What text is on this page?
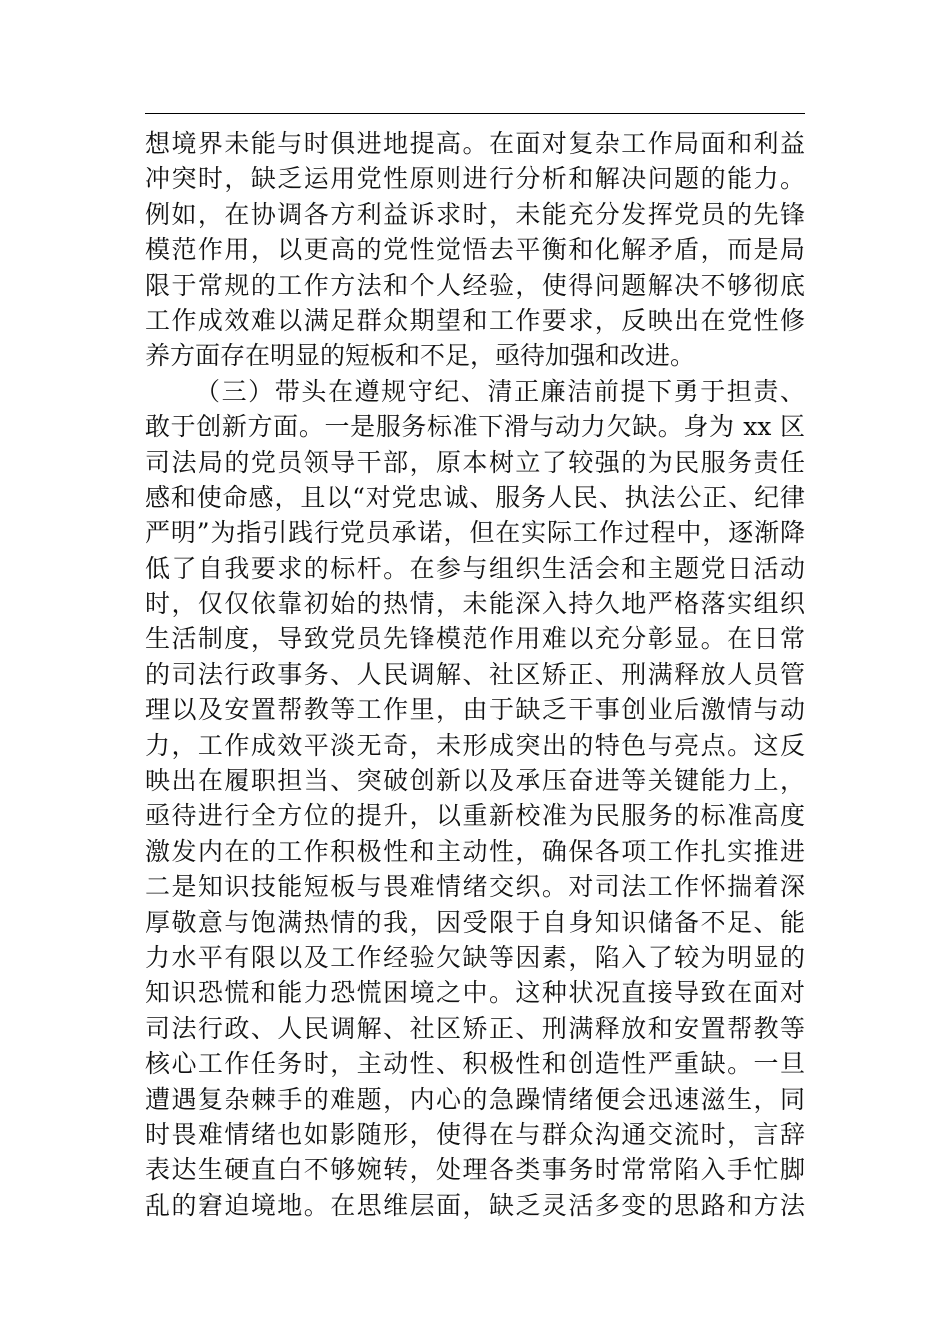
想境界未能与时俱进地提高。在面对复杂工作局面和利益
冲突时，缺乏运用党性原则进行分析和解决问题的能力。
例如，在协调各方利益诉求时，未能充分发挥党员的先锋
模范作用，以更高的党性觉悟去平衡和化解矛盾，而是局
限于常规的工作方法和个人经验，使得问题解决不够彻底
工作成效难以满足群众期望和工作要求，反映出在党性修
养方面存在明显的短板和不足，亟待加强和改进。
（三）带头在遵规守纪、清正廉洁前提下勇于担责、
敢于创新方面。一是服务标准下滑与动力欠缺。身为 xx 区
司法局的党员领导干部，原本树立了较强的为民服务责任
感和使命感，且以“对党忠诚、服务人民、执法公正、纪律
严明”为指引践行党员承诺，但在实际工作过程中，逐渐降
低了自我要求的标杆。在参与组织生活会和主题党日活动
时，仅仅依靠初始的热情，未能深入持久地严格落实组织
生活制度，导致党员先锋模范作用难以充分彰显。在日常
的司法行政事务、人民调解、社区矫正、刑满释放人员管
理以及安置帮教等工作里，由于缺乏干事创业后激情与动
力，工作成效平淡无奇，未形成突出的特色与亮点。这反
映出在履职担当、突破创新以及承压奋进等关键能力上，
亟待进行全方位的提升，以重新校准为民服务的标准高度
激发内在的工作积极性和主动性，确保各项工作扎实推进
二是知识技能短板与畏难情绪交织。对司法工作怀揣着深
厚敬意与饱满热情的我，因受限于自身知识储备不足、能
力水平有限以及工作经验欠缺等因素，陷入了较为明显的
知识恐慌和能力恐慌困境之中。这种状况直接导致在面对
司法行政、人民调解、社区矫正、刑满释放和安置帮教等
核心工作任务时，主动性、积极性和创造性严重缺。一旦
遭遇复杂棘手的难题，内心的急躁情绪便会迅速滋生，同
时畏难情绪也如影随形，使得在与群众沟通交流时，言辞
表达生硬直白不够婉转，处理各类事务时常常陷入手忙脚
乱的窘迫境地。在思维层面，缺乏灵活多变的思路和方法
